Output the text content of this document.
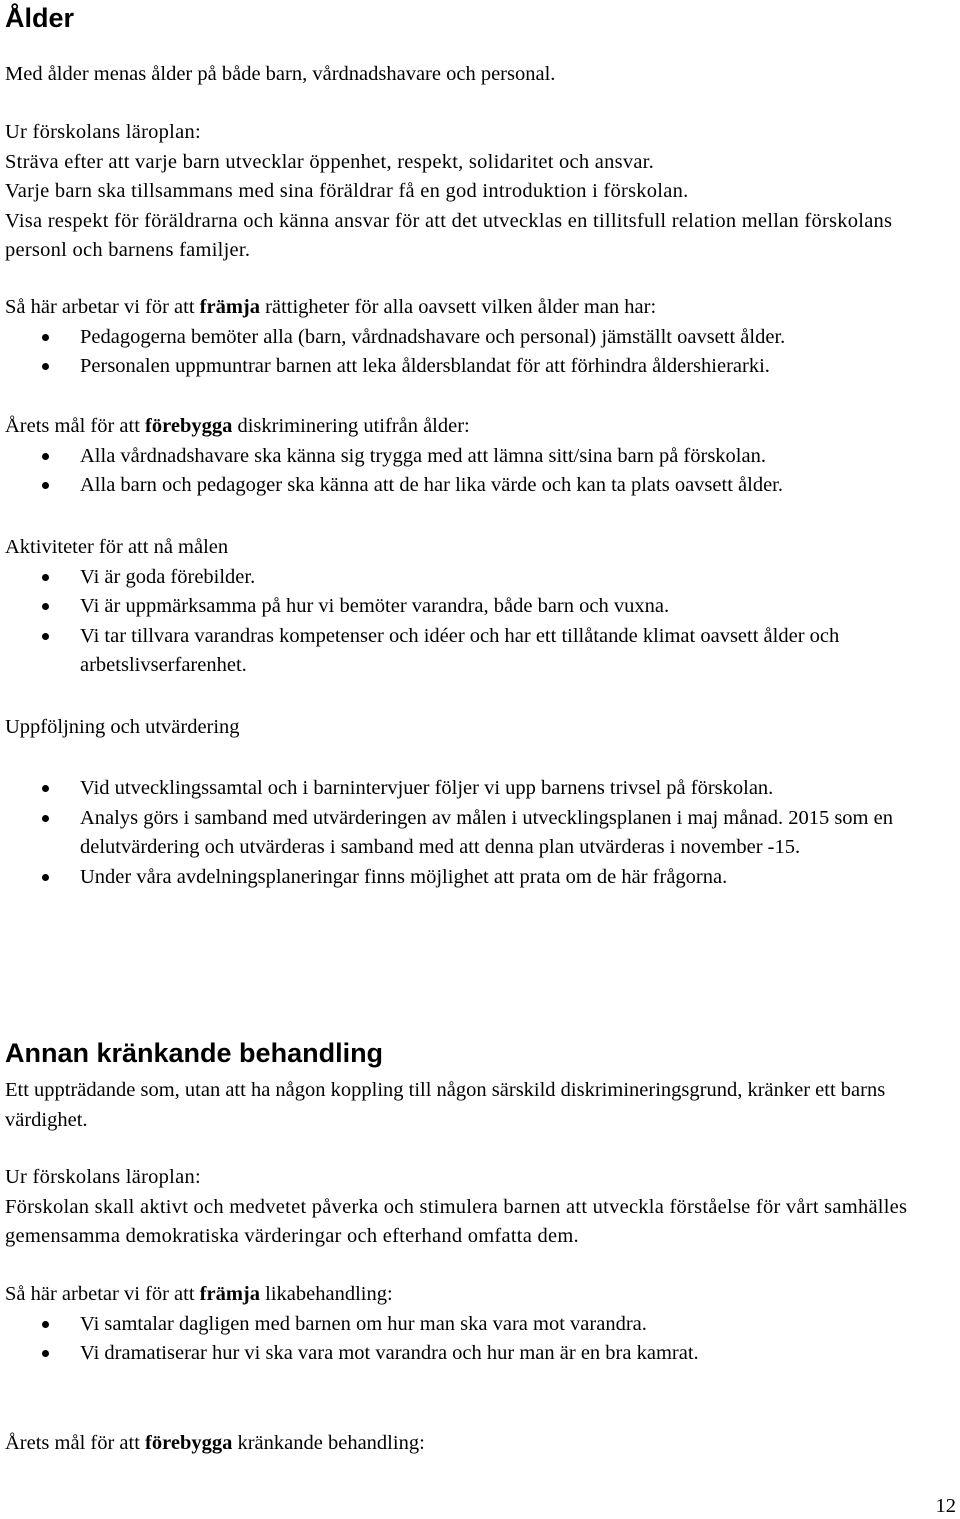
Ålder

Med ålder menas ålder på både barn, vårdnadshavare och personal.

Ur förskolans läroplan:

Sträva efter att varje barn utvecklar öppenhet, respekt, solidaritet och ansvar.

Varje barn ska tillsammans med sina föräldrar få en god introduktion i förskolan.

Visa respekt för föräldrarna och känna ansvar för att det utvecklas en tillitsfull relation mellan förskolans personl och barnens familjer.

Så här arbetar vi för att främja rättigheter för alla oavsett vilken ålder man har:

Pedagogerna bemöter alla (barn, vårdnadshavare och personal) jämställt oavsett ålder.
Personalen uppmuntrar barnen att leka åldersblandat för att förhindra åldershierarki.

Årets mål för att förebygga diskriminering utifrån ålder:

Alla vårdnadshavare ska känna sig trygga med att lämna sitt/sina barn på förskolan.
Alla barn och pedagoger ska känna att de har lika värde och kan ta plats oavsett ålder.

Aktiviteter för att nå målen

Vi är goda förebilder.
Vi är uppmärksamma på hur vi bemöter varandra, både barn och vuxna.
Vi tar tillvara varandras kompetenser och idéer och har ett tillåtande klimat oavsett ålder och arbetslivserfarenhet.

Uppföljning och utvärdering

Vid utvecklingssamtal och i barnintervjuer följer vi upp barnens trivsel på förskolan.
Analys görs i samband med utvärderingen av målen i utvecklingsplanen i maj månad. 2015 som en delutvärdering och utvärderas i samband med att denna plan utvärderas i november -15.
Under våra avdelningsplaneringar finns möjlighet att prata om de här frågorna.
Annan kränkande behandling

Ett uppträdande som, utan att ha någon koppling till någon särskild diskrimineringsgrund, kränker ett barns värdighet.

Ur förskolans läroplan:

Förskolan skall aktivt och medvetet påverka och stimulera barnen att utveckla förståelse för vårt samhälles gemensamma demokratiska värderingar och efterhand omfatta dem.

Så här arbetar vi för att främja likabehandling:

Vi samtalar dagligen med barnen om hur man ska vara mot varandra.
Vi dramatiserar hur vi ska vara mot varandra och hur man är en bra kamrat.

Årets mål för att förebygga kränkande behandling:

12
